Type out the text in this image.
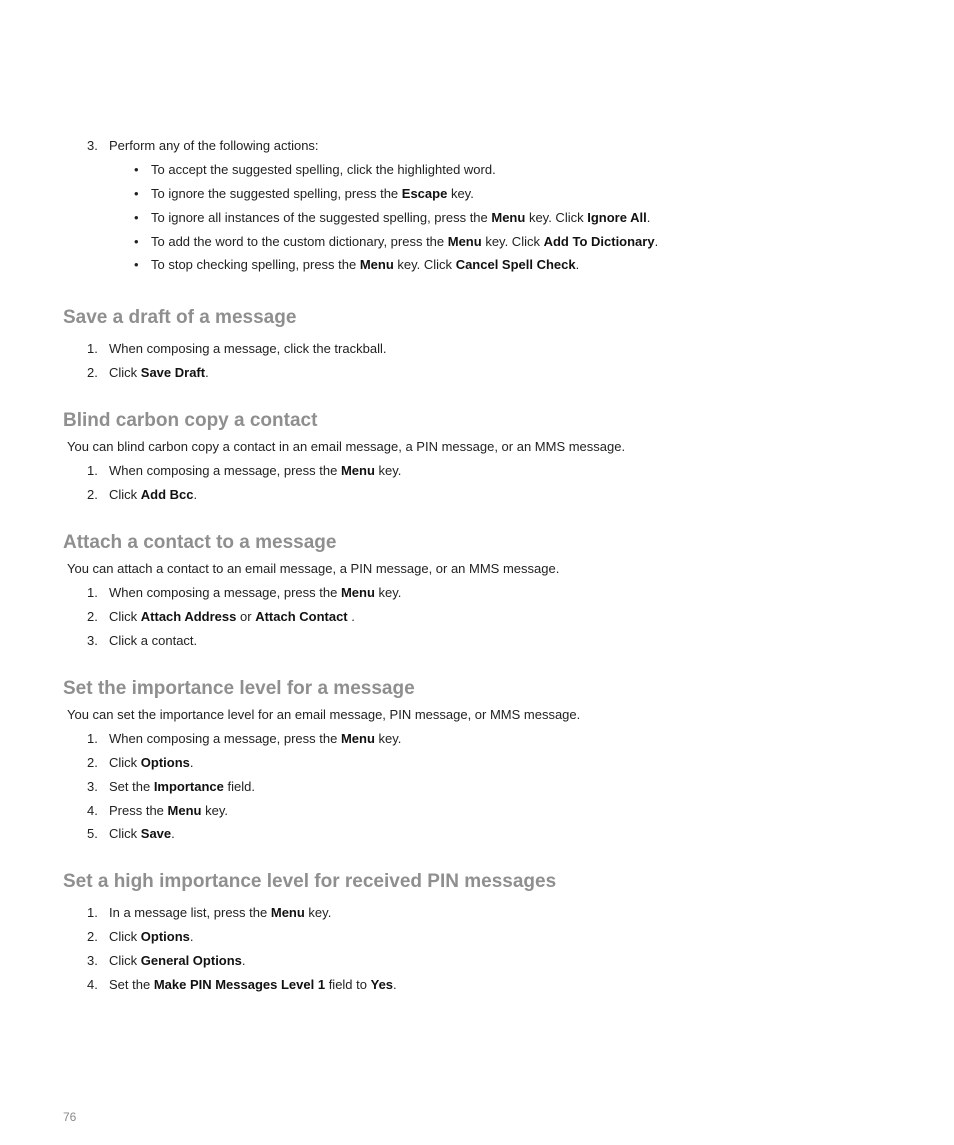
3. Perform any of the following actions:
• To accept the suggested spelling, click the highlighted word.
• To ignore the suggested spelling, press the Escape key.
• To ignore all instances of the suggested spelling, press the Menu key. Click Ignore All.
• To add the word to the custom dictionary, press the Menu key. Click Add To Dictionary.
• To stop checking spelling, press the Menu key. Click Cancel Spell Check.
Save a draft of a message
1. When composing a message, click the trackball.
2. Click Save Draft.
Blind carbon copy a contact
You can blind carbon copy a contact in an email message, a PIN message, or an MMS message.
1. When composing a message, press the Menu key.
2. Click Add Bcc.
Attach a contact to a message
You can attach a contact to an email message, a PIN message, or an MMS message.
1. When composing a message, press the Menu key.
2. Click Attach Address or Attach Contact .
3. Click a contact.
Set the importance level for a message
You can set the importance level for an email message, PIN message, or MMS message.
1. When composing a message, press the Menu key.
2. Click Options.
3. Set the Importance field.
4. Press the Menu key.
5. Click Save.
Set a high importance level for received PIN messages
1. In a message list, press the Menu key.
2. Click Options.
3. Click General Options.
4. Set the Make PIN Messages Level 1 field to Yes.
76
